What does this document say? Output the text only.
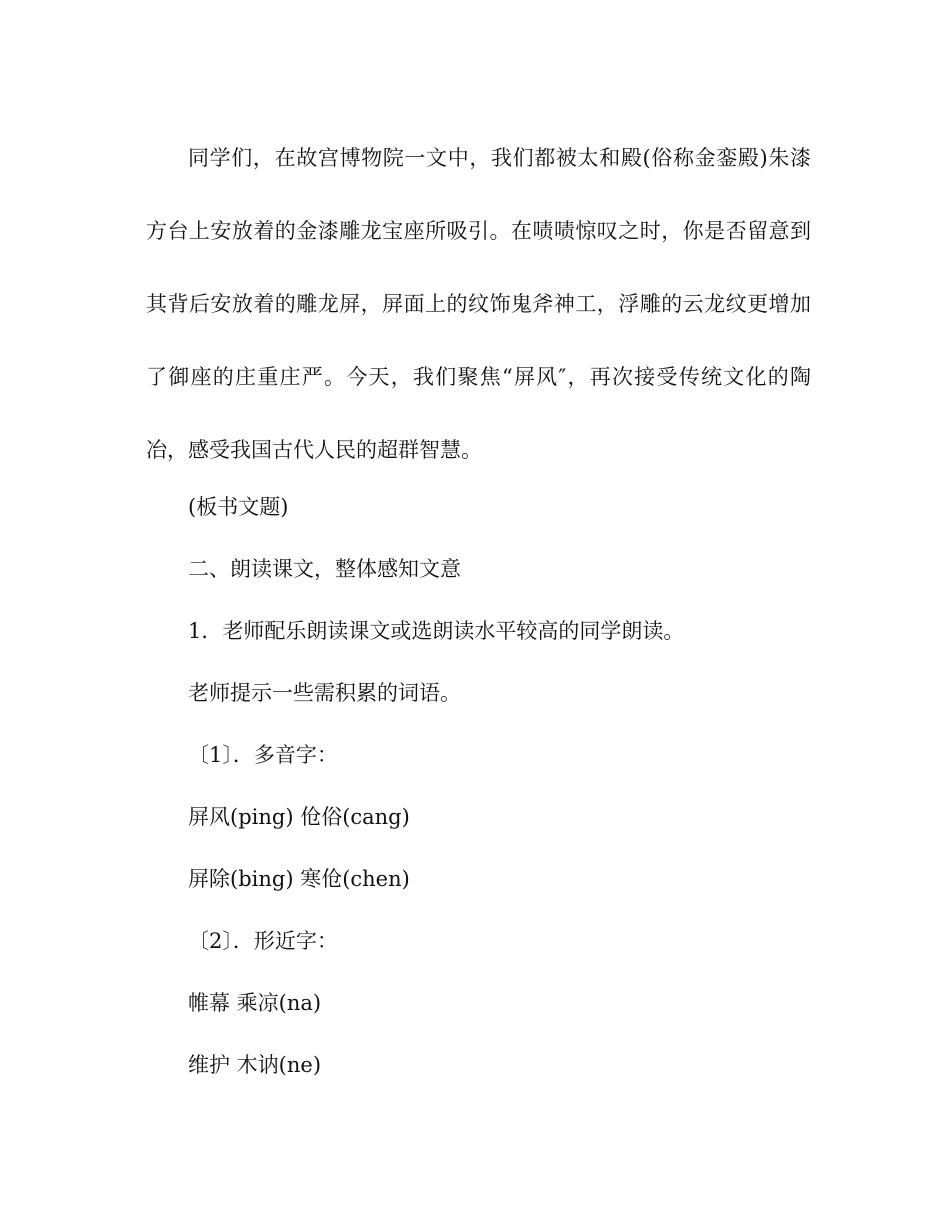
同学们，在故宫博物院一文中，我们都被太和殿(俗称金銮殿)朱漆方台上安放着的金漆雕龙宝座所吸引。在啧啧惊叹之时，你是否留意到其背后安放着的雕龙屏，屏面上的纹饰鬼斧神工，浮雕的云龙纹更增加了御座的庄重庄严。今天，我们聚焦“屏风″，再次接受传统文化的陶冶，感受我国古代人民的超群智慧。

(板书文题)

二、朗读课文，整体感知文意

1．老师配乐朗读课文或选朗读水平较高的同学朗读。

老师提示一些需积累的词语。

〔1〕．多音字：

屏风(ping) 伧俗(cang)

屏除(bing) 寒伧(chen)

〔2〕．形近字：

帷幕 乘凉(na)

维护 木讷(ne)
